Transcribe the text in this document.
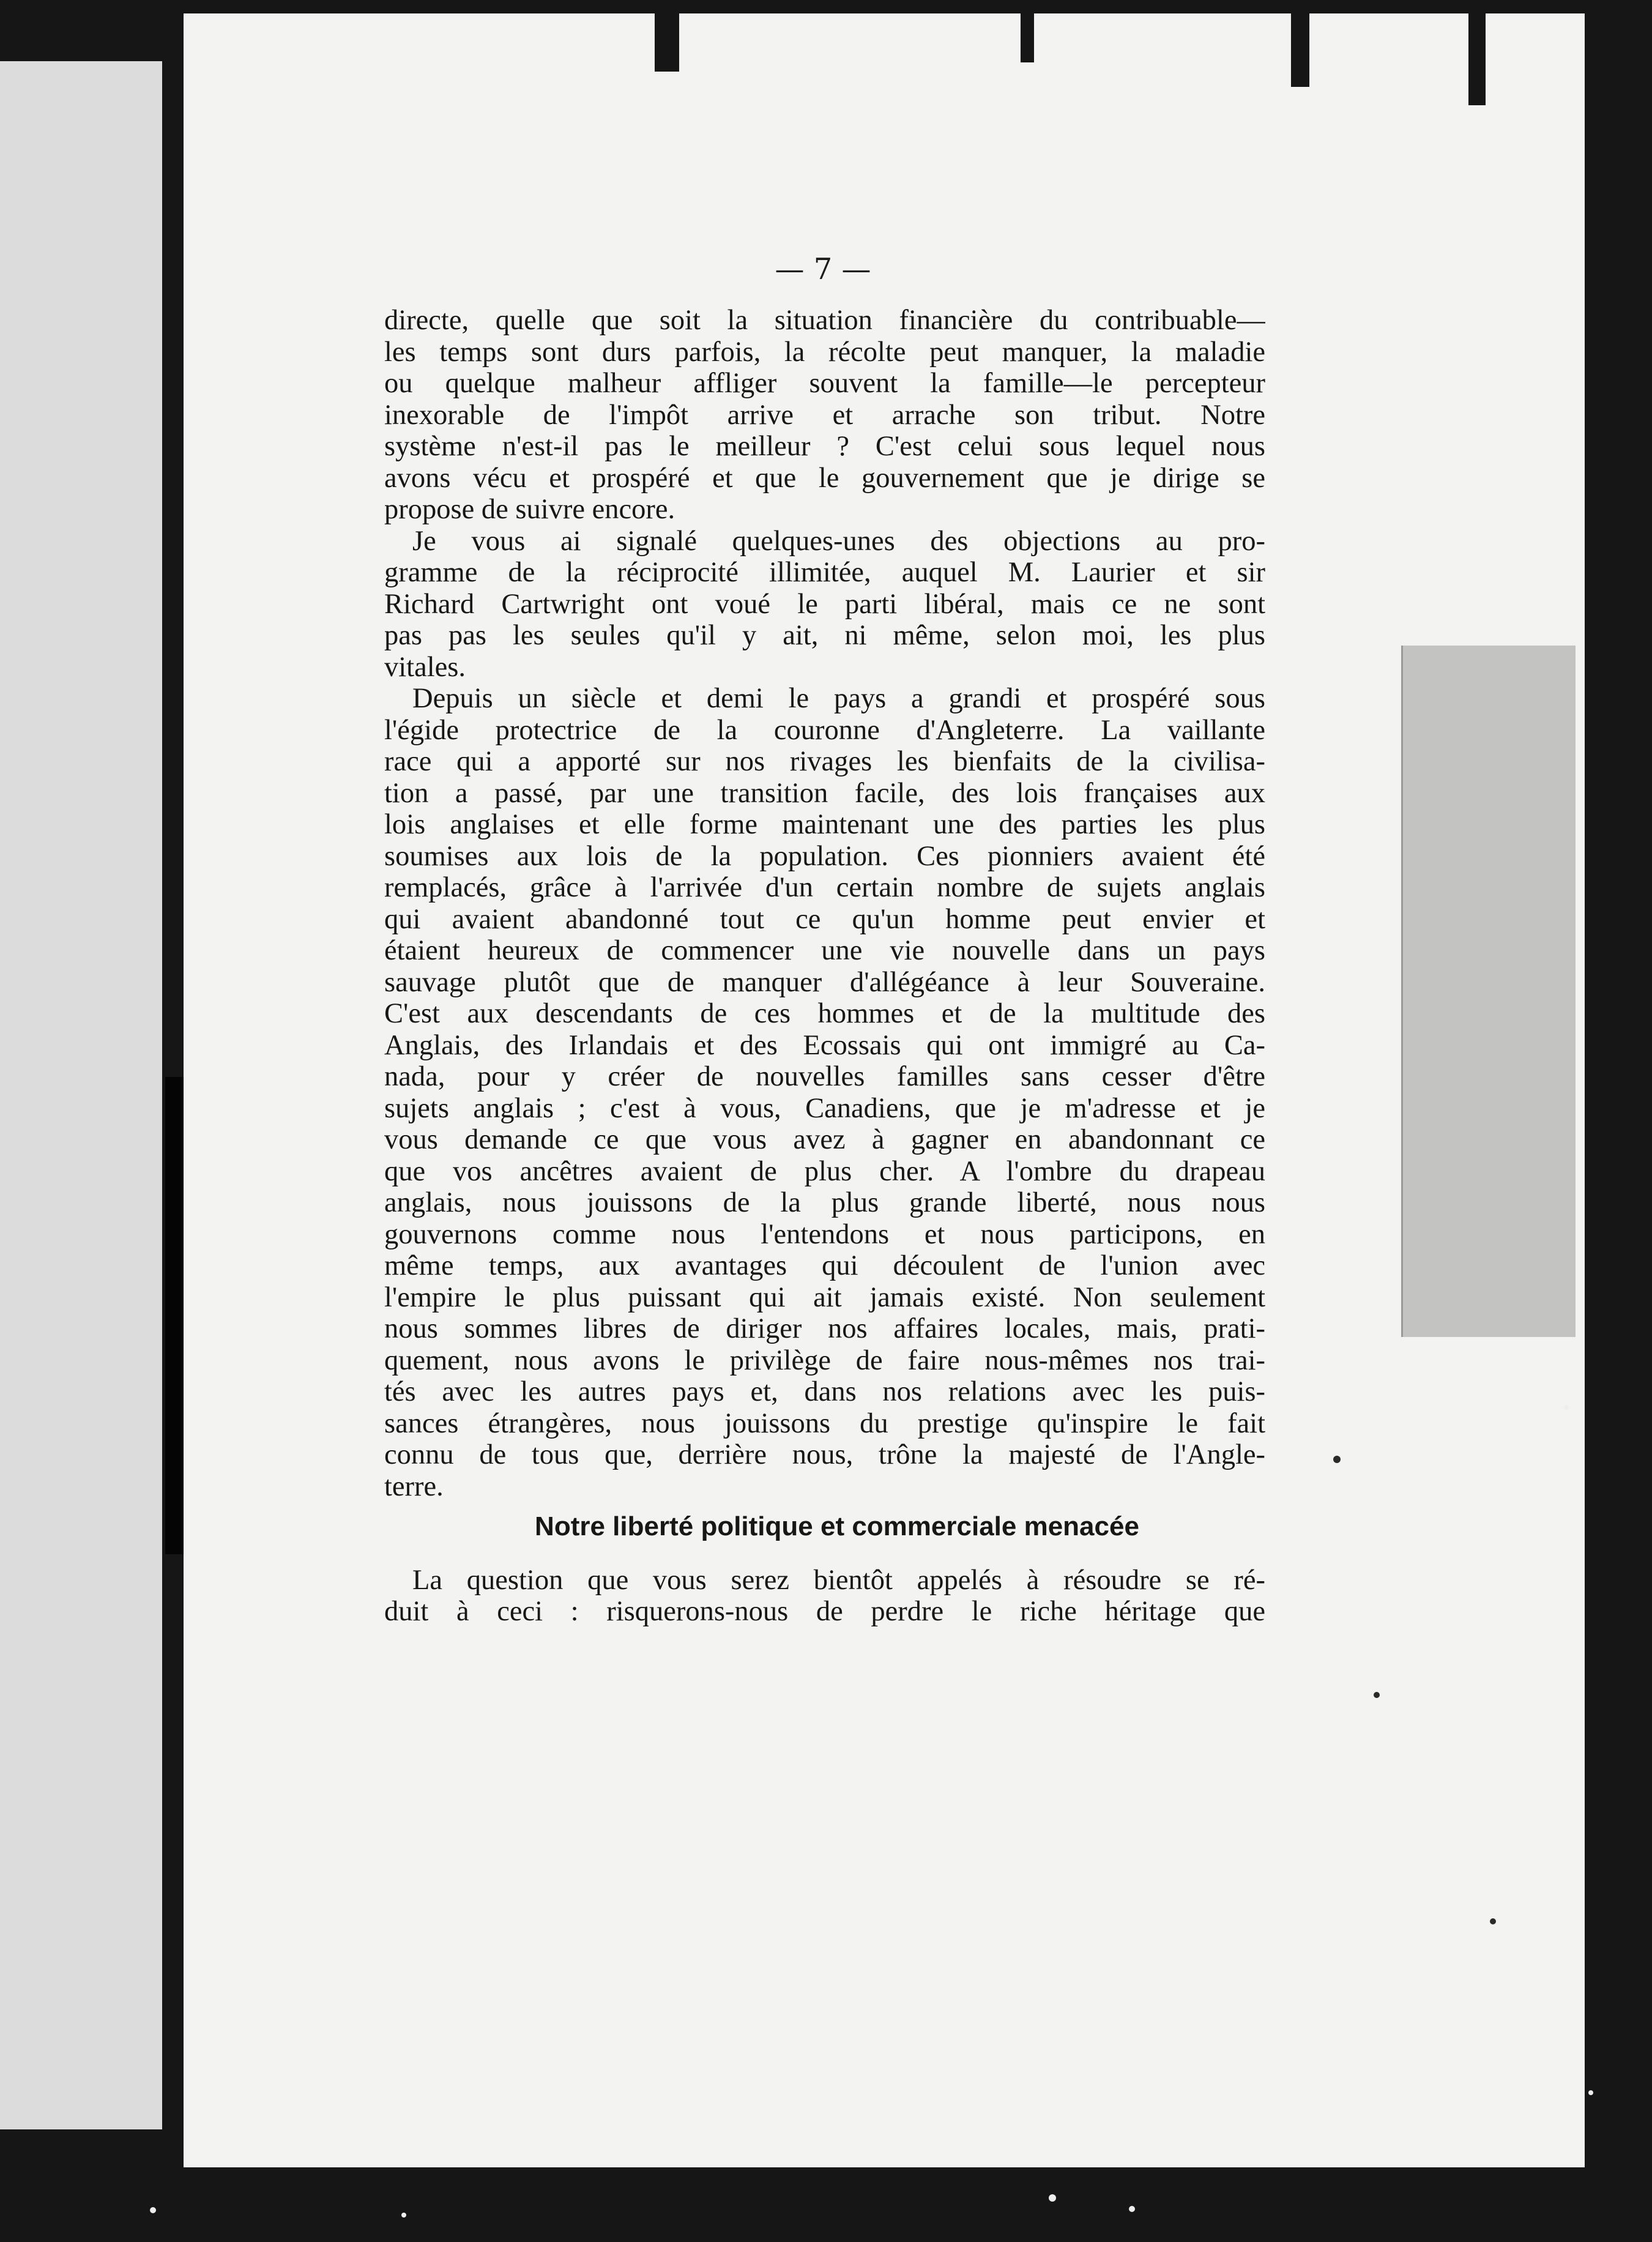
— 7 —
directe, quelle que soit la situation financière du contribuable—
les temps sont durs parfois, la récolte peut manquer, la maladie
ou quelque malheur affliger souvent la famille—le percepteur
inexorable de l'impôt arrive et arrache son tribut. Notre
système n'est-il pas le meilleur ? C'est celui sous lequel nous
avons vécu et prospéré et que le gouvernement que je dirige se
propose de suivre encore.
Je vous ai signalé quelques-unes des objections au pro-
gramme de la réciprocité illimitée, auquel M. Laurier et sir
Richard Cartwright ont voué le parti libéral, mais ce ne sont
pas pas les seules qu'il y ait, ni même, selon moi, les plus
vitales.
Depuis un siècle et demi le pays a grandi et prospéré sous
l'égide protectrice de la couronne d'Angleterre. La vaillante
race qui a apporté sur nos rivages les bienfaits de la civilisa-
tion a passé, par une transition facile, des lois françaises aux
lois anglaises et elle forme maintenant une des parties les plus
soumises aux lois de la population. Ces pionniers avaient été
remplacés, grâce à l'arrivée d'un certain nombre de sujets anglais
qui avaient abandonné tout ce qu'un homme peut envier et
étaient heureux de commencer une vie nouvelle dans un pays
sauvage plutôt que de manquer d'allégéance à leur Souveraine.
C'est aux descendants de ces hommes et de la multitude des
Anglais, des Irlandais et des Ecossais qui ont immigré au Ca-
nada, pour y créer de nouvelles familles sans cesser d'être
sujets anglais ; c'est à vous, Canadiens, que je m'adresse et je
vous demande ce que vous avez à gagner en abandonnant ce
que vos ancêtres avaient de plus cher. A l'ombre du drapeau
anglais, nous jouissons de la plus grande liberté, nous nous
gouvernons comme nous l'entendons et nous participons, en
même temps, aux avantages qui découlent de l'union avec
l'empire le plus puissant qui ait jamais existé. Non seulement
nous sommes libres de diriger nos affaires locales, mais, prati-
quement, nous avons le privilège de faire nous-mêmes nos trai-
tés avec les autres pays et, dans nos relations avec les puis-
sances étrangères, nous jouissons du prestige qu'inspire le fait
connu de tous que, derrière nous, trône la majesté de l'Angle-
terre.
Notre liberté politique et commerciale menacée
La question que vous serez bientôt appelés à résoudre se ré-
duit à ceci : risquerons-nous de perdre le riche héritage que
